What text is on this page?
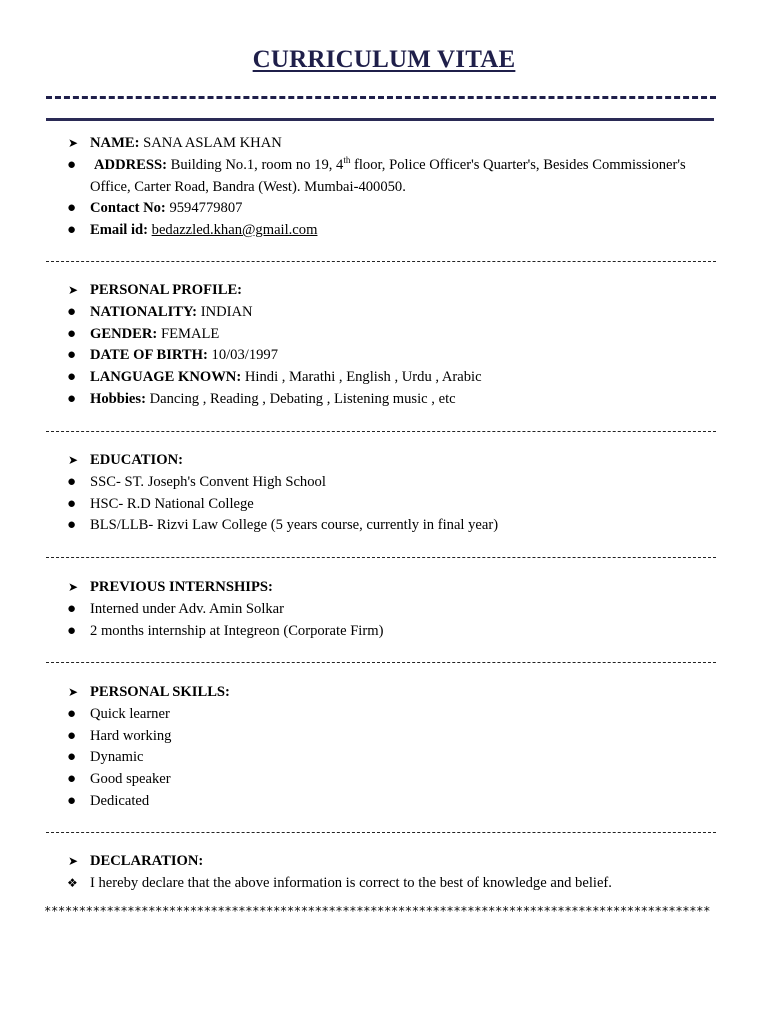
CURRICULUM VITAE
➤ NAME: SANA ASLAM KHAN
●	ADDRESS: Building No.1, room no 19, 4th floor, Police Officer's Quarter's, Besides Commissioner's
Office, Carter Road, Bandra (West). Mumbai-400050.
● Contact No: 9594779807
● Email id: bedazzled.khan@gmail.com
➤ PERSONAL PROFILE:
● NATIONALITY: INDIAN
● GENDER: FEMALE
● DATE OF BIRTH: 10/03/1997
● LANGUAGE KNOWN: Hindi , Marathi , English , Urdu , Arabic
● Hobbies: Dancing , Reading , Debating , Listening music , etc
➤ EDUCATION:
● SSC- ST. Joseph's Convent High School
● HSC- R.D National College
● BLS/LLB- Rizvi Law College (5 years course, currently in final year)
➤ PREVIOUS INTERNSHIPS:
● Interned under Adv. Amin Solkar
● 2 months internship at Integreon (Corporate Firm)
➤ PERSONAL SKILLS:
● Quick learner
● Hard working
● Dynamic
● Good speaker
● Dedicated
➤ DECLARATION:
❖ I hereby declare that the above information is correct to the best of knowledge and belief.
************************************************************************************************
